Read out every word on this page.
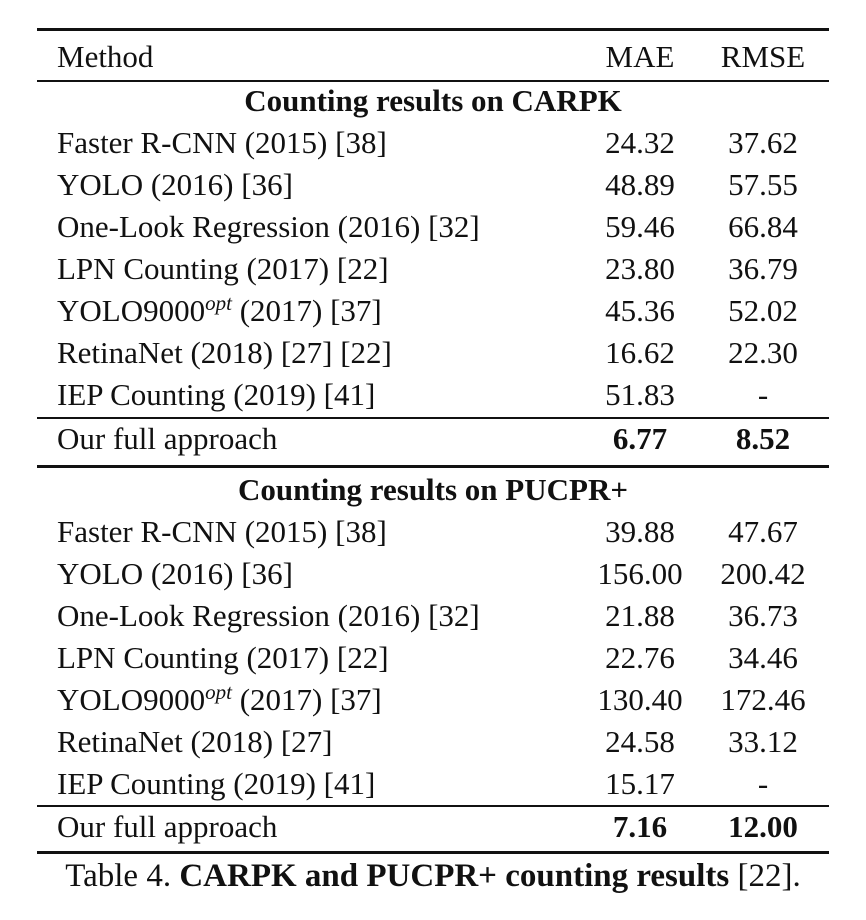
Method	MAE	RMSE
Counting results on CARPK
Faster R-CNN (2015) [38]	24.32	37.62
YOLO (2016) [36]	48.89	57.55
One-Look Regression (2016) [32]	59.46	66.84
LPN Counting (2017) [22]	23.80	36.79
$YOLO9000^{opt}$ (2017) [37]	45.36	52.02
RetinaNet (2018) [27] [22]	16.62	22.30
IEP Counting (2019) [41]	51.83	-
Our full approach	6.77	8.52
Counting results on PUCPR+
Faster R-CNN (2015) [38]	39.88	47.67
YOLO (2016) [36]	156.00	200.42
One-Look Regression (2016) [32]	21.88	36.73
LPN Counting (2017) [22]	22.76	34.46
$YOLO9000^{opt}$ (2017) [37]	130.40	172.46
RetinaNet (2018) [27]	24.58	33.12
IEP Counting (2019) [41]	15.17	-
Our full approach	7.16	12.00
Table 4. CARPK and PUCPR+ counting results [22].
